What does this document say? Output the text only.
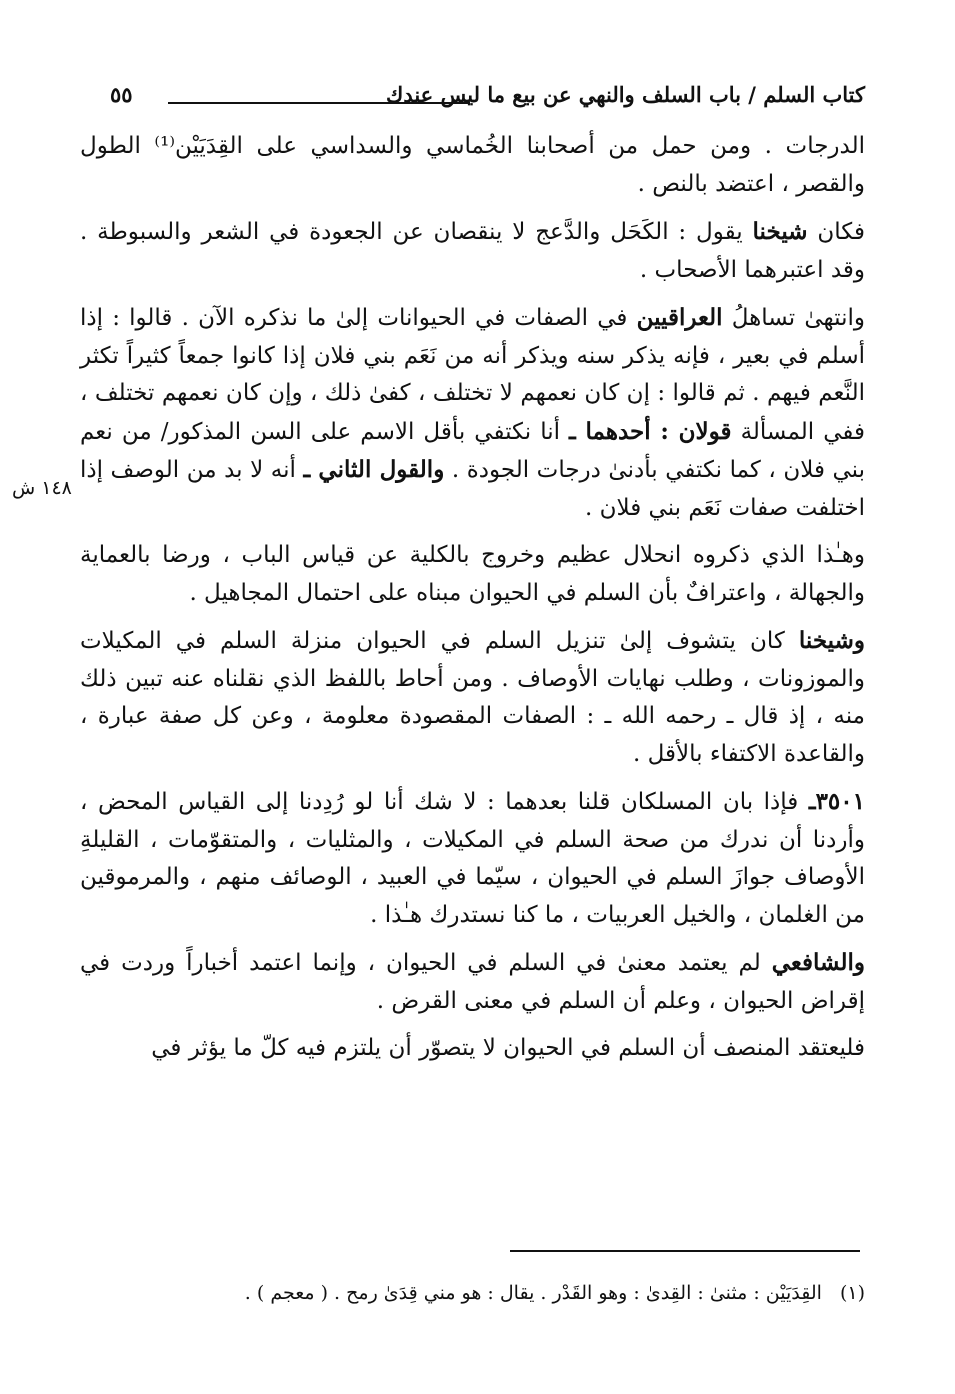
كتاب السلم / باب السلف والنهي عن بيع ما ليس عندك
٥٥
١٤٨ ش

الدرجات . ومن حمل من أصحابنا الخُماسي والسداسي على القِدَيَيْن⁽¹⁾ الطول والقصر ، اعتضد بالنص .

فكان شيخنا يقول : الكَحَل والدَّعج لا ينقصان عن الجعودة في الشعر والسبوطة . وقد اعتبرهما الأصحاب .

وانتهىٰ تساهلُ العراقيين في الصفات في الحيوانات إلىٰ ما نذكره الآن . قالوا : إذا أسلم في بعير ، فإنه يذكر سنه ويذكر أنه من نَعَم بني فلان إذا كانوا جمعاً كثيراً تكثر النَّعم فيهم . ثم قالوا : إن كان نعمهم لا تختلف ، كفىٰ ذلك ، وإن كان نعمهم تختلف ، ففي المسألة قولان : أحدهما ـ أنا نكتفي بأقل الاسم على السن المذكور/ من نعم بني فلان ، كما نكتفي بأدنىٰ درجات الجودة . والقول الثاني ـ أنه لا بد من الوصف إذا اختلفت صفات نَعَم بني فلان .

وهـٰذا الذي ذكروه انحلال عظيم وخروج بالكلية عن قياس الباب ، ورضا بالعماية والجهالة ، واعترافٌ بأن السلم في الحيوان مبناه على احتمال المجاهيل .

وشيخنا كان يتشوف إلىٰ تنزيل السلم في الحيوان منزلة السلم في المكيلات والموزونات ، وطلب نهايات الأوصاف . ومن أحاط باللفظ الذي نقلناه عنه تبين ذلك منه ، إذ قال ـ رحمه الله ـ : الصفات المقصودة معلومة ، وعن كل صفة عبارة ، والقاعدة الاكتفاء بالأقل .

٣٥٠١ـ فإذا بان المسلكان قلنا بعدهما : لا شك أنا لو رُدِدنا إلى القياس المحض ، وأردنا أن ندرك من صحة السلم في المكيلات ، والمثليات ، والمتقوّمات ، القليلةِ الأوصاف جوازَ السلم في الحيوان ، سيّما في العبيد ، الوصائف منهم ، والمرموقين من الغلمان ، والخيل العربيات ، ما كنا نستدرك هـٰذا .

والشافعي لم يعتمد معنىٰ في السلم في الحيوان ، وإنما اعتمد أخباراً وردت في إقراض الحيوان ، وعلم أن السلم في معنى القرض .

فليعتقد المنصف أن السلم في الحيوان لا يتصوّر أن يلتزم فيه كلّ ما يؤثر في

(١)القِدَيَيْن : مثنىٰ : القِدىٰ : وهو القَدْر . يقال : هو مني قِدَىٰ رمح . ( معجم ) .
